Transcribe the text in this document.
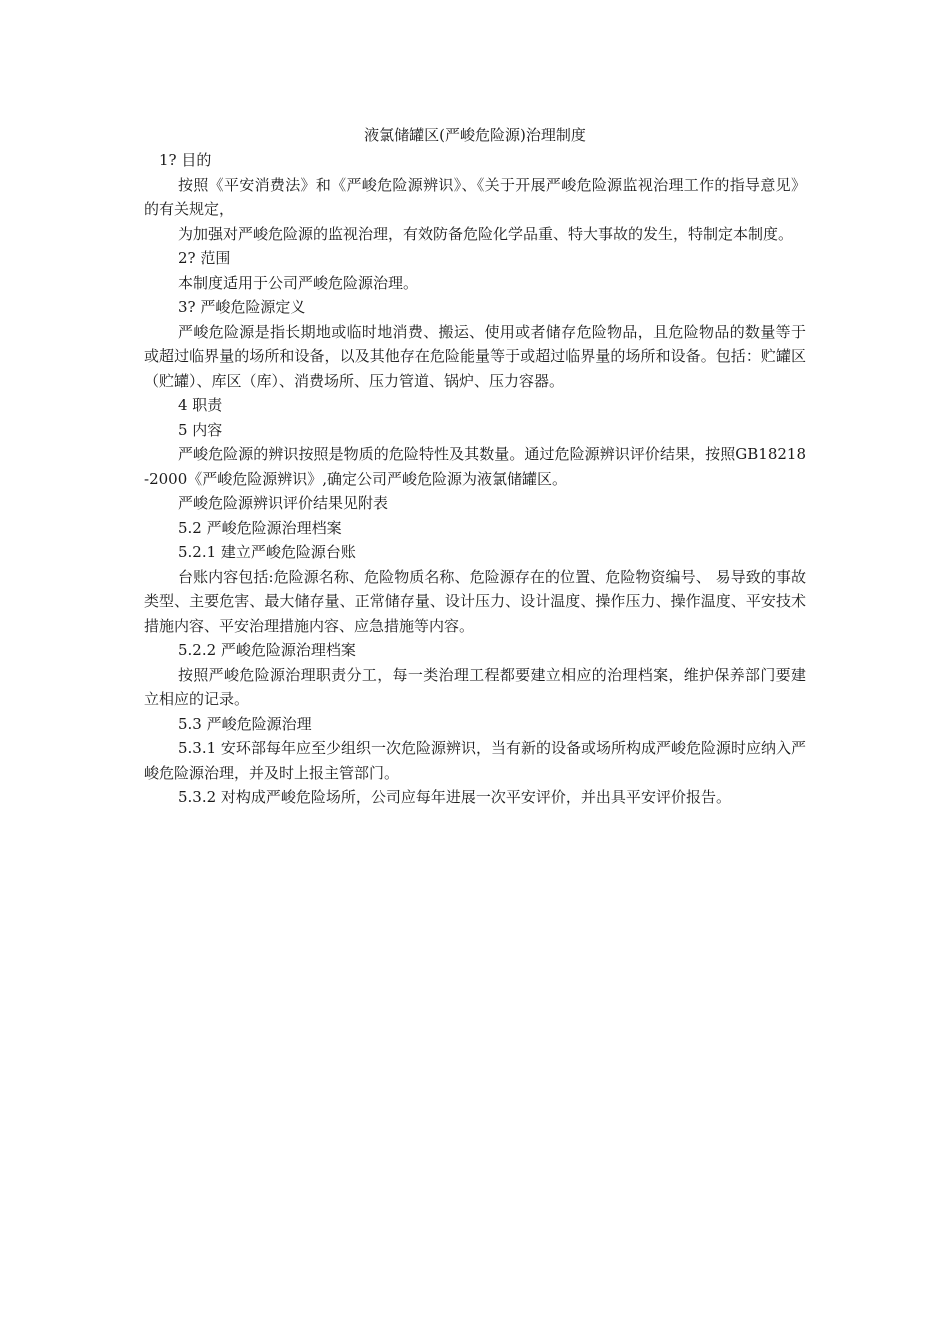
液氯储罐区(严峻危险源)治理制度

1? 目的

按照《平安消费法》和《严峻危险源辨识》、《关于开展严峻危险源监视治理工作的指导意见》的有关规定，

为加强对严峻危险源的监视治理，有效防备危险化学品重、特大事故的发生，特制定本制度。

2? 范围

本制度适用于公司严峻危险源治理。

3? 严峻危险源定义

严峻危险源是指长期地或临时地消费、搬运、使用或者储存危险物品，且危险物品的数量等于或超过临界量的场所和设备，以及其他存在危险能量等于或超过临界量的场所和设备。包括：贮罐区（贮罐）、库区（库）、消费场所、压力管道、锅炉、压力容器。

4 职责

5 内容

严峻危险源的辨识按照是物质的危险特性及其数量。通过危险源辨识评价结果，按照GB18218-2000《严峻危险源辨识》,确定公司严峻危险源为液氯储罐区。

严峻危险源辨识评价结果见附表

5.2 严峻危险源治理档案

5.2.1 建立严峻危险源台账

台账内容包括:危险源名称、危险物质名称、危险源存在的位置、危险物资编号、 易导致的事故类型、主要危害、最大储存量、正常储存量、设计压力、设计温度、操作压力、操作温度、平安技术措施内容、平安治理措施内容、应急措施等内容。

5.2.2 严峻危险源治理档案

按照严峻危险源治理职责分工，每一类治理工程都要建立相应的治理档案，维护保养部门要建立相应的记录。

5.3 严峻危险源治理

5.3.1 安环部每年应至少组织一次危险源辨识，当有新的设备或场所构成严峻危险源时应纳入严峻危险源治理，并及时上报主管部门。

5.3.2 对构成严峻危险场所，公司应每年进展一次平安评价，并出具平安评价报告。
